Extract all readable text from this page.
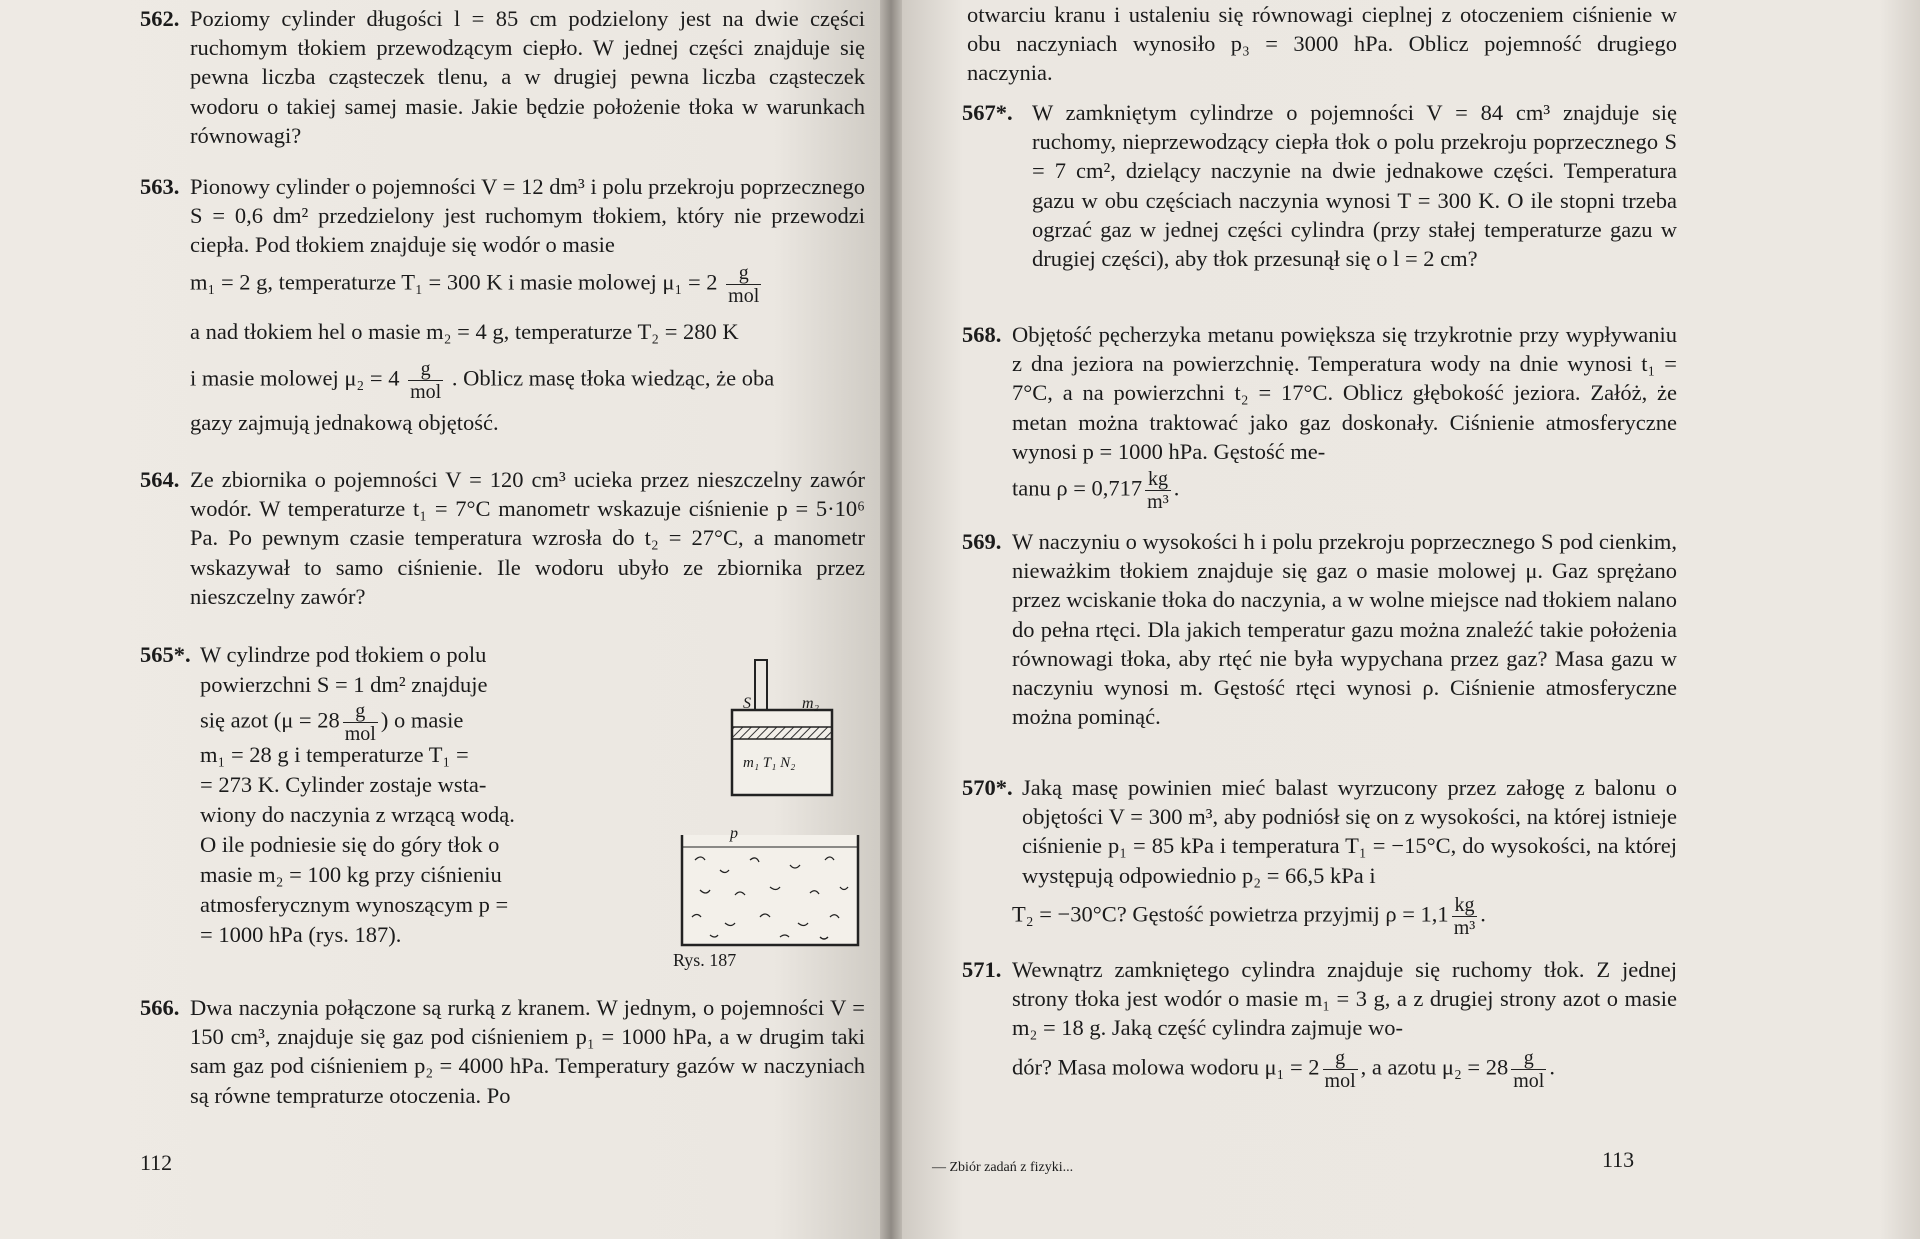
562. Poziomy cylinder długości l = 85 cm podzielony jest na dwie części ruchomym tłokiem przewodzącym ciepło. W jednej części znajduje się pewna liczba cząsteczek tlenu, a w drugiej pewna liczba cząsteczek wodoru o takiej samej masie. Jakie będzie położenie tłoka w warunkach równowagi?
563. Pionowy cylinder o pojemności V = 12 dm³ i polu przekroju poprzecznego S = 0,6 dm² przedzielony jest ruchomym tłokiem, który nie przewodzi ciepła. Pod tłokiem znajduje się wodór o masie
m₁ = 2 g, temperaturze T₁ = 300 K i masie molowej $\mu_1 = 2 \frac{g}{\text{mol}}$
a nad tłokiem hel o masie m₂ = 4 g, temperaturze T₂ = 280 K
i masie molowej $\mu_2 = 4 \frac{g}{\text{mol}}$ . Oblicz masę tłoka wiedząc, że oba
gazy zajmują jednakową objętość.
564. Ze zbiornika o pojemności V = 120 cm³ ucieka przez nieszczelny zawór wodór. W temperaturze t₁ = 7°C manometr wskazuje ciśnienie p = 5·10⁶ Pa. Po pewnym czasie temperatura wzrosła do t₂ = 27°C, a manometr wskazywał to samo ciśnienie. Ile wodoru ubyło ze zbiornika przez nieszczelny zawór?
565*. W cylindrze pod tłokiem o polu
powierzchni S = 1 dm² znajduje
się azot ($\mu = 28 \frac{g}{\text{mol}}$ ) o masie
m₁ = 28 g i temperaturze T₁ =
= 273 K. Cylinder zostaje wsta-
wiony do naczynia z wrzącą wodą.
O ile podniesie się do góry tłok o
masie m₂ = 100 kg przy ciśnieniu
atmosferycznym wynoszącym p =
= 1000 hPa (rys. 187).
S	m₂
m₁ T₁ N₂
p
Rys. 187
566. Dwa naczynia połączone są rurką z kranem. W jednym, o pojemności V = 150 cm³, znajduje się gaz pod ciśnieniem p₁ = 1000 hPa, a w drugim taki sam gaz pod ciśnieniem p₂ = 4000 hPa. Temperatury gazów w naczyniach są równe tempraturze otoczenia. Po
112
otwarciu kranu i ustaleniu się równowagi cieplnej z otoczeniem ciśnienie w obu naczyniach wynosiło p₃ = 3000 hPa. Oblicz pojemność drugiego naczynia.
567*. W zamkniętym cylindrze o pojemności V = 84 cm³ znajduje się ruchomy, nieprzewodzący ciepła tłok o polu przekroju poprzecznego S = 7 cm², dzielący naczynie na dwie jednakowe części. Temperatura gazu w obu częściach naczynia wynosi T = 300 K. O ile stopni trzeba ogrzać gaz w jednej części cylindra (przy stałej temperaturze gazu w drugiej części), aby tłok przesunął się o l = 2 cm?
568. Objętość pęcherzyka metanu powiększa się trzykrotnie przy wypływaniu z dna jeziora na powierzchnię. Temperatura wody na dnie wynosi t₁ = 7°C, a na powierzchni t₂ = 17°C. Oblicz głębokość jeziora. Załóż, że metan można traktować jako gaz doskonały. Ciśnienie atmosferyczne wynosi p = 1000 hPa. Gęstość me-
tanu $\rho = 0,717 \frac{kg}{\text{m³}}$ .
569. W naczyniu o wysokości h i polu przekroju poprzecznego S pod cienkim, nieważkim tłokiem znajduje się gaz o masie molowej μ. Gaz sprężano przez wciskanie tłoka do naczynia, a w wolne miejsce nad tłokiem nalano do pełna rtęci. Dla jakich temperatur gazu można znaleźć takie położenia równowagi tłoka, aby rtęć nie była wypychana przez gaz? Masa gazu w naczyniu wynosi m. Gęstość rtęci wynosi ρ. Ciśnienie atmosferyczne można pominąć.
570*. Jaką masę powinien mieć balast wyrzucony przez załogę z balonu o objętości V = 300 m³, aby podniósł się on z wysokości, na której istnieje ciśnienie p₁ = 85 kPa i temperatura T₁ = −15°C, do wysokości, na której występują odpowiednio p₂ = 66,5 kPa i
T₂ = −30°C? Gęstość powietrza przyjmij $\rho = 1,1 \frac{kg}{\text{m³}}$ .
571. Wewnątrz zamkniętego cylindra znajduje się ruchomy tłok. Z jednej strony tłoka jest wodór o masie m₁ = 3 g, a z drugiej strony azot o masie m₂ = 18 g. Jaką część cylindra zajmuje wo-
dór? Masa molowa wodoru $\mu_1 = 2 \frac{g}{\text{mol}}$ , a azotu $\mu_2 = 28 \frac{g}{\text{mol}}$ .
— Zbiór zadań z fizyki...	113
